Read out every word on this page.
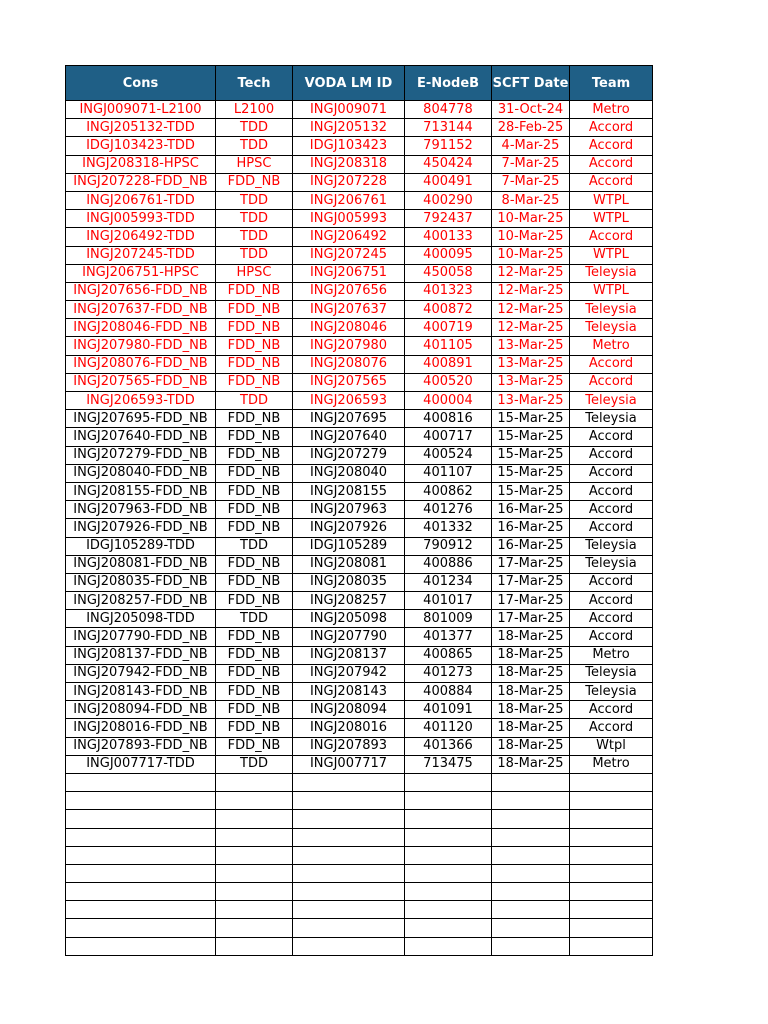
Cons	Tech	VODA LM ID	E-NodeB	SCFT Date	Team
INGJ009071-L2100	L2100	INGJ009071	804778	31-Oct-24	Metro
INGJ205132-TDD	TDD	INGJ205132	713144	28-Feb-25	Accord
IDGJ103423-TDD	TDD	IDGJ103423	791152	4-Mar-25	Accord
INGJ208318-HPSC	HPSC	INGJ208318	450424	7-Mar-25	Accord
INGJ207228-FDD_NB	FDD_NB	INGJ207228	400491	7-Mar-25	Accord
INGJ206761-TDD	TDD	INGJ206761	400290	8-Mar-25	WTPL
INGJ005993-TDD	TDD	INGJ005993	792437	10-Mar-25	WTPL
INGJ206492-TDD	TDD	INGJ206492	400133	10-Mar-25	Accord
INGJ207245-TDD	TDD	INGJ207245	400095	10-Mar-25	WTPL
INGJ206751-HPSC	HPSC	INGJ206751	450058	12-Mar-25	Teleysia
INGJ207656-FDD_NB	FDD_NB	INGJ207656	401323	12-Mar-25	WTPL
INGJ207637-FDD_NB	FDD_NB	INGJ207637	400872	12-Mar-25	Teleysia
INGJ208046-FDD_NB	FDD_NB	INGJ208046	400719	12-Mar-25	Teleysia
INGJ207980-FDD_NB	FDD_NB	INGJ207980	401105	13-Mar-25	Metro
INGJ208076-FDD_NB	FDD_NB	INGJ208076	400891	13-Mar-25	Accord
INGJ207565-FDD_NB	FDD_NB	INGJ207565	400520	13-Mar-25	Accord
INGJ206593-TDD	TDD	INGJ206593	400004	13-Mar-25	Teleysia
INGJ207695-FDD_NB	FDD_NB	INGJ207695	400816	15-Mar-25	Teleysia
INGJ207640-FDD_NB	FDD_NB	INGJ207640	400717	15-Mar-25	Accord
INGJ207279-FDD_NB	FDD_NB	INGJ207279	400524	15-Mar-25	Accord
INGJ208040-FDD_NB	FDD_NB	INGJ208040	401107	15-Mar-25	Accord
INGJ208155-FDD_NB	FDD_NB	INGJ208155	400862	15-Mar-25	Accord
INGJ207963-FDD_NB	FDD_NB	INGJ207963	401276	16-Mar-25	Accord
INGJ207926-FDD_NB	FDD_NB	INGJ207926	401332	16-Mar-25	Accord
IDGJ105289-TDD	TDD	IDGJ105289	790912	16-Mar-25	Teleysia
INGJ208081-FDD_NB	FDD_NB	INGJ208081	400886	17-Mar-25	Teleysia
INGJ208035-FDD_NB	FDD_NB	INGJ208035	401234	17-Mar-25	Accord
INGJ208257-FDD_NB	FDD_NB	INGJ208257	401017	17-Mar-25	Accord
INGJ205098-TDD	TDD	INGJ205098	801009	17-Mar-25	Accord
INGJ207790-FDD_NB	FDD_NB	INGJ207790	401377	18-Mar-25	Accord
INGJ208137-FDD_NB	FDD_NB	INGJ208137	400865	18-Mar-25	Metro
INGJ207942-FDD_NB	FDD_NB	INGJ207942	401273	18-Mar-25	Teleysia
INGJ208143-FDD_NB	FDD_NB	INGJ208143	400884	18-Mar-25	Teleysia
INGJ208094-FDD_NB	FDD_NB	INGJ208094	401091	18-Mar-25	Accord
INGJ208016-FDD_NB	FDD_NB	INGJ208016	401120	18-Mar-25	Accord
INGJ207893-FDD_NB	FDD_NB	INGJ207893	401366	18-Mar-25	Wtpl
INGJ007717-TDD	TDD	INGJ007717	713475	18-Mar-25	Metro
